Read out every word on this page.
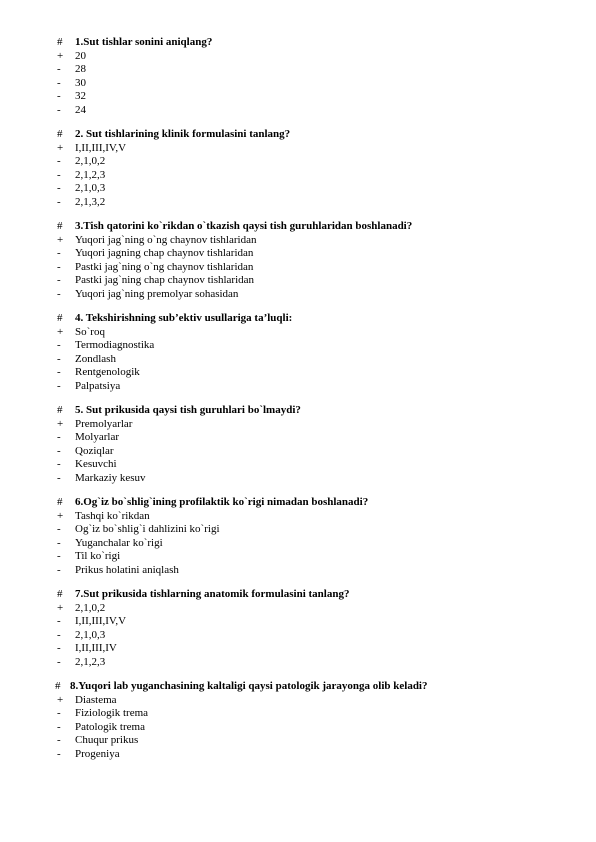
#	1.Sut tishlar sonini aniqlang?
+	20
-	28
-	30
-	32
-	24
#	2. Sut tishlarining klinik formulasini tanlang?
+	I,II,III,IV,V
-	2,1,0,2
-	2,1,2,3
-	2,1,0,3
-	2,1,3,2
#	3.Tish qatorini ko`rikdan o`tkazish qaysi tish guruhlaridan boshlanadi?
+	Yuqori jag`ning o`ng chaynov tishlaridan
-	Yuqori jagning chap chaynov tishlaridan
-	Pastki jag`ning o`ng chaynov tishlaridan
-	Pastki jag`ning chap chaynov tishlaridan
-	Yuqori jag`ning premolyar sohasidan
#	4. Tekshirishning sub’ektiv usullariga ta’luqli:
+	So`roq
-	Termodiagnostika
-	Zondlash
-	Rentgenologik
-	Palpatsiya
#	5. Sut prikusida qaysi tish guruhlari bo`lmaydi?
+	Premolyarlar
-	Molyarlar
-	Qoziqlar
-	Kesuvchi
-	Markaziy kesuv
#	6.Og`iz bo`shlig`ining profilaktik ko`rigi nimadan boshlanadi?
+	Tashqi ko`rikdan
-	Og`iz bo`shlig`i dahlizini ko`rigi
-	Yuganchalar ko`rigi
-	Til ko`rigi
-	Prikus holatini aniqlash
#	7.Sut prikusida tishlarning anatomik formulasini tanlang?
+	2,1,0,2
-	I,II,III,IV,V
-	2,1,0,3
-	I,II,III,IV
-	2,1,2,3
# 8.Yuqori lab yuganchasining kaltaligi qaysi patologik jarayonga olib keladi?
+	Diastema
-	Fiziologik trema
-	Patologik trema
-	Chuqur prikus
-	Progeniya
